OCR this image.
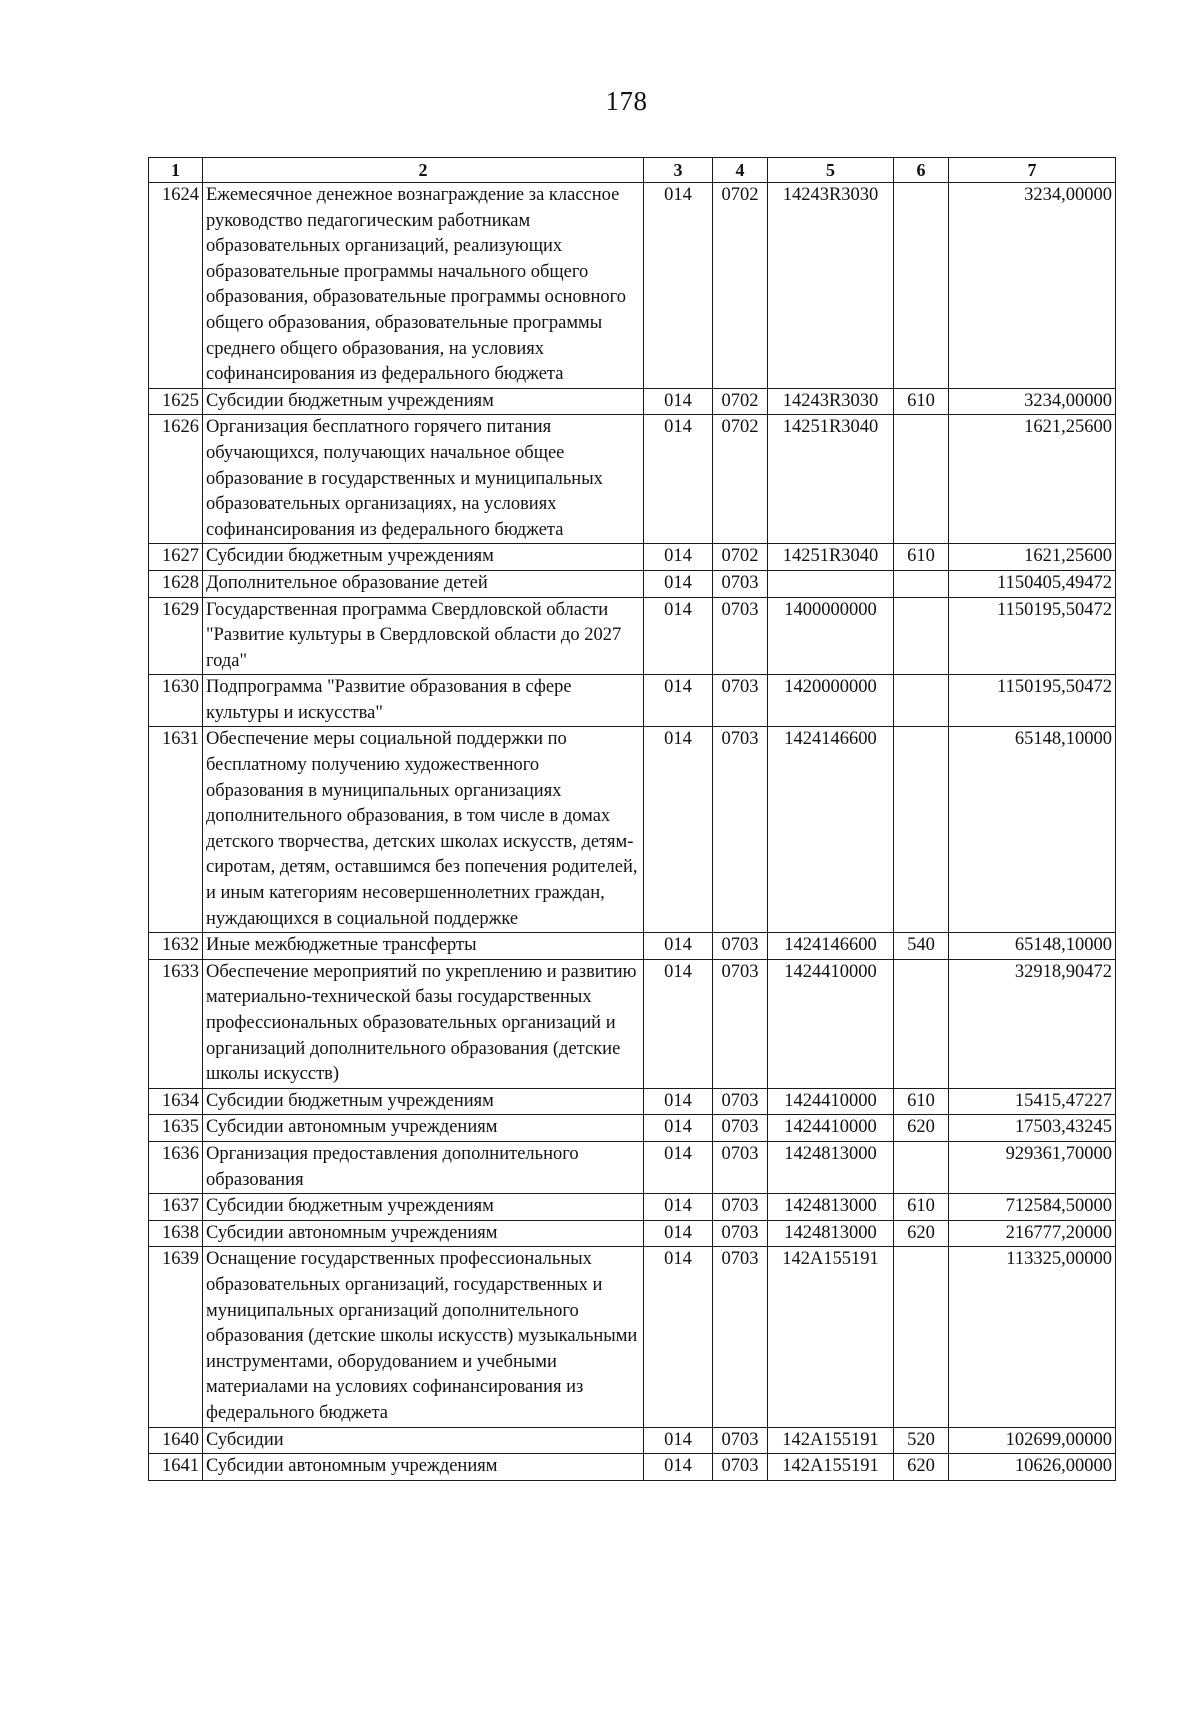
178
1	2	3	4	5	6	7
1624	Ежемесячное денежное вознаграждение за классное руководство педагогическим работникам образовательных организаций, реализующих образовательные программы начального общего образования, образовательные программы основного общего образования, образовательные программы среднего общего образования, на условиях софинансирования из федерального бюджета	014	0702	14243R3030		3234,00000
1625	Субсидии бюджетным учреждениям	014	0702	14243R3030	610	3234,00000
1626	Организация бесплатного горячего питания обучающихся, получающих начальное общее образование в государственных и муниципальных образовательных организациях, на условиях софинансирования из федерального бюджета	014	0702	14251R3040		1621,25600
1627	Субсидии бюджетным учреждениям	014	0702	14251R3040	610	1621,25600
1628	Дополнительное образование детей	014	0703			1150405,49472
1629	Государственная программа Свердловской области "Развитие культуры в Свердловской области до 2027 года"	014	0703	1400000000		1150195,50472
1630	Подпрограмма "Развитие образования в сфере культуры и искусства"	014	0703	1420000000		1150195,50472
1631	Обеспечение меры социальной поддержки по бесплатному получению художественного образования в муниципальных организациях дополнительного образования, в том числе в домах детского творчества, детских школах искусств, детям-сиротам, детям, оставшимся без попечения родителей, и иным категориям несовершеннолетних граждан, нуждающихся в социальной поддержке	014	0703	1424146600		65148,10000
1632	Иные межбюджетные трансферты	014	0703	1424146600	540	65148,10000
1633	Обеспечение мероприятий по укреплению и развитию материально-технической базы государственных профессиональных образовательных организаций и организаций дополнительного образования (детские школы искусств)	014	0703	1424410000		32918,90472
1634	Субсидии бюджетным учреждениям	014	0703	1424410000	610	15415,47227
1635	Субсидии автономным учреждениям	014	0703	1424410000	620	17503,43245
1636	Организация предоставления дополнительного образования	014	0703	1424813000		929361,70000
1637	Субсидии бюджетным учреждениям	014	0703	1424813000	610	712584,50000
1638	Субсидии автономным учреждениям	014	0703	1424813000	620	216777,20000
1639	Оснащение государственных профессиональных образовательных организаций, государственных и муниципальных организаций дополнительного образования (детские школы искусств) музыкальными инструментами, оборудованием и учебными материалами на условиях софинансирования из федерального бюджета	014	0703	142A155191		113325,00000
1640	Субсидии	014	0703	142A155191	520	102699,00000
1641	Субсидии автономным учреждениям	014	0703	142A155191	620	10626,00000
